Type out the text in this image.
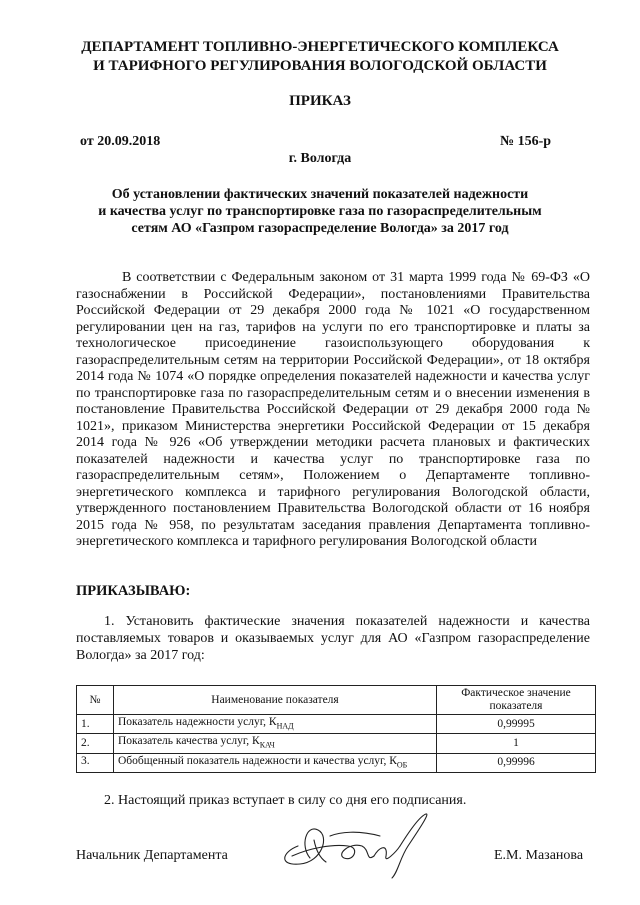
ДЕПАРТАМЕНТ ТОПЛИВНО-ЭНЕРГЕТИЧЕСКОГО КОМПЛЕКСА
И ТАРИФНОГО РЕГУЛИРОВАНИЯ ВОЛОГОДСКОЙ ОБЛАСТИ
ПРИКАЗ
от 20.09.2018	№ 156-р
г. Вологда
Об установлении фактических значений показателей надежности
и качества услуг по транспортировке газа по газораспределительным
сетям АО «Газпром газораспределение Вологда» за 2017 год
В соответствии с Федеральным законом от 31 марта 1999 года № 69-ФЗ «О газоснабжении в Российской Федерации», постановлениями Правительства Российской Федерации от 29 декабря 2000 года № 1021 «О государственном регулировании цен на газ, тарифов на услуги по его транспортировке и платы за технологическое присоединение газоиспользующего оборудования к газораспределительным сетям на территории Российской Федерации», от 18 октября 2014 года № 1074 «О порядке определения показателей надежности и качества услуг по транспортировке газа по газораспределительным сетям и о внесении изменения в постановление Правительства Российской Федерации от 29 декабря 2000 года № 1021», приказом Министерства энергетики Российской Федерации от 15 декабря 2014 года № 926 «Об утверждении методики расчета плановых и фактических показателей надежности и качества услуг по транспортировке газа по газораспределительным сетям», Положением о Департаменте топливно-энергетического комплекса и тарифного регулирования Вологодской области, утвержденного постановлением Правительства Вологодской области от 16 ноября 2015 года № 958, по результатам заседания правления Департамента топливно-энергетического комплекса и тарифного регулирования Вологодской области
ПРИКАЗЫВАЮ:
1. Установить фактические значения показателей надежности и качества поставляемых товаров и оказываемых услуг для АО «Газпром газораспределение Вологда» за 2017 год:
№	Наименование показателя	Фактическое значение показателя
1.	Показатель надежности услуг, $К_{НАД}$	0,99995
2.	Показатель качества услуг, $К_{КАЧ}$	1
3.	Обобщенный показатель надежности и качества услуг, $К_{ОБ}$	0,99996
2. Настоящий приказ вступает в силу со дня его подписания.
Начальник Департамента	Е.М. Мазанова
